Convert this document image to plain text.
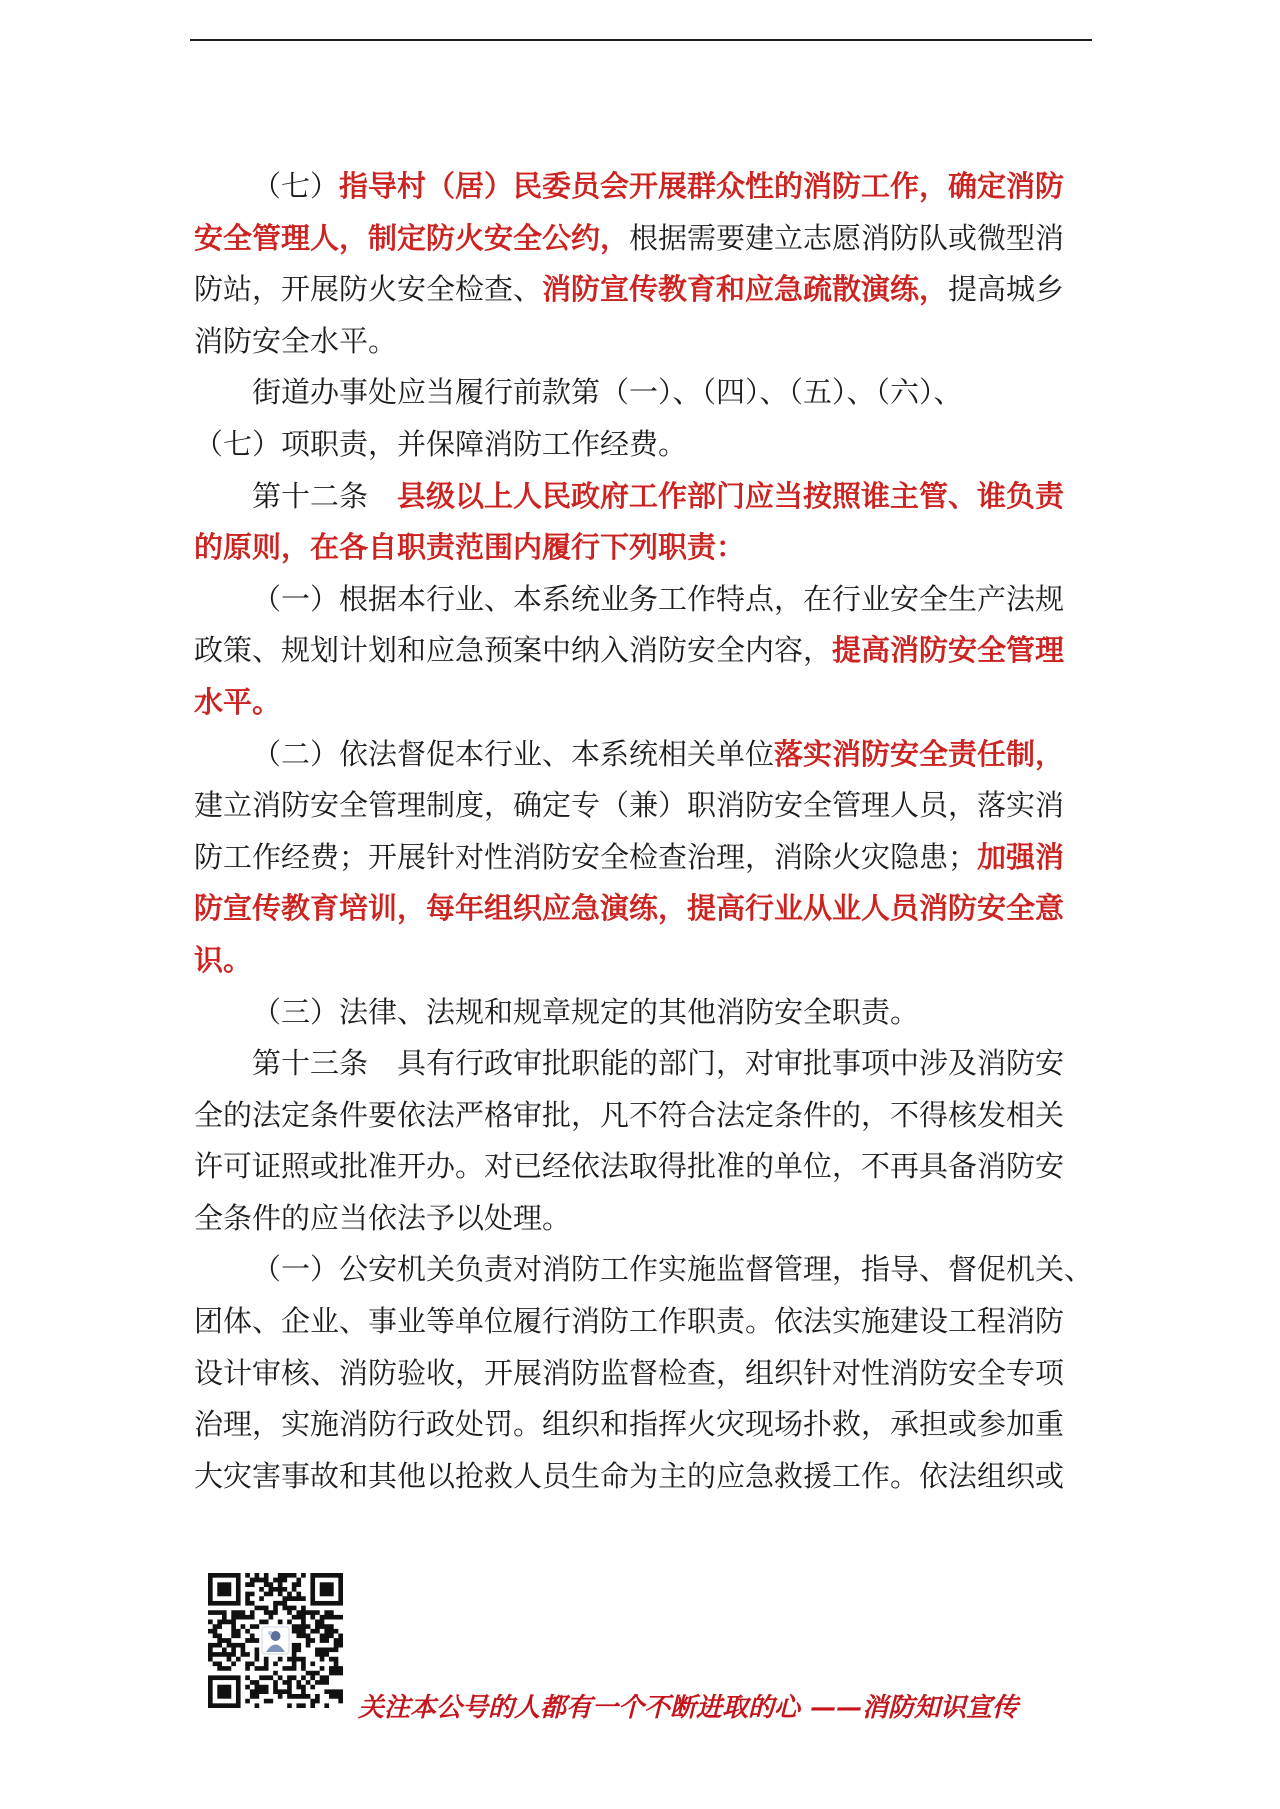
（七）指导村（居）民委员会开展群众性的消防工作，确定消防
安全管理人，制定防火安全公约，根据需要建立志愿消防队或微型消
防站，开展防火安全检查、消防宣传教育和应急疏散演练，提高城乡
消防安全水平。
街道办事处应当履行前款第（一）、（四）、（五）、（六）、
（七）项职责，并保障消防工作经费。
第十二条　县级以上人民政府工作部门应当按照谁主管、谁负责
的原则，在各自职责范围内履行下列职责：
（一）根据本行业、本系统业务工作特点，在行业安全生产法规
政策、规划计划和应急预案中纳入消防安全内容，提高消防安全管理
水平。
（二）依法督促本行业、本系统相关单位落实消防安全责任制，
建立消防安全管理制度，确定专（兼）职消防安全管理人员，落实消
防工作经费；开展针对性消防安全检查治理，消除火灾隐患；加强消
防宣传教育培训，每年组织应急演练，提高行业从业人员消防安全意
识。
（三）法律、法规和规章规定的其他消防安全职责。
第十三条　具有行政审批职能的部门，对审批事项中涉及消防安
全的法定条件要依法严格审批，凡不符合法定条件的，不得核发相关
许可证照或批准开办。对已经依法取得批准的单位，不再具备消防安
全条件的应当依法予以处理。
（一）公安机关负责对消防工作实施监督管理，指导、督促机关、
团体、企业、事业等单位履行消防工作职责。依法实施建设工程消防
设计审核、消防验收，开展消防监督检查，组织针对性消防安全专项
治理，实施消防行政处罚。组织和指挥火灾现场扑救，承担或参加重
大灾害事故和其他以抢救人员生命为主的应急救援工作。依法组织或
关注本公号的人都有一个不断进取的心 ——消防知识宣传
